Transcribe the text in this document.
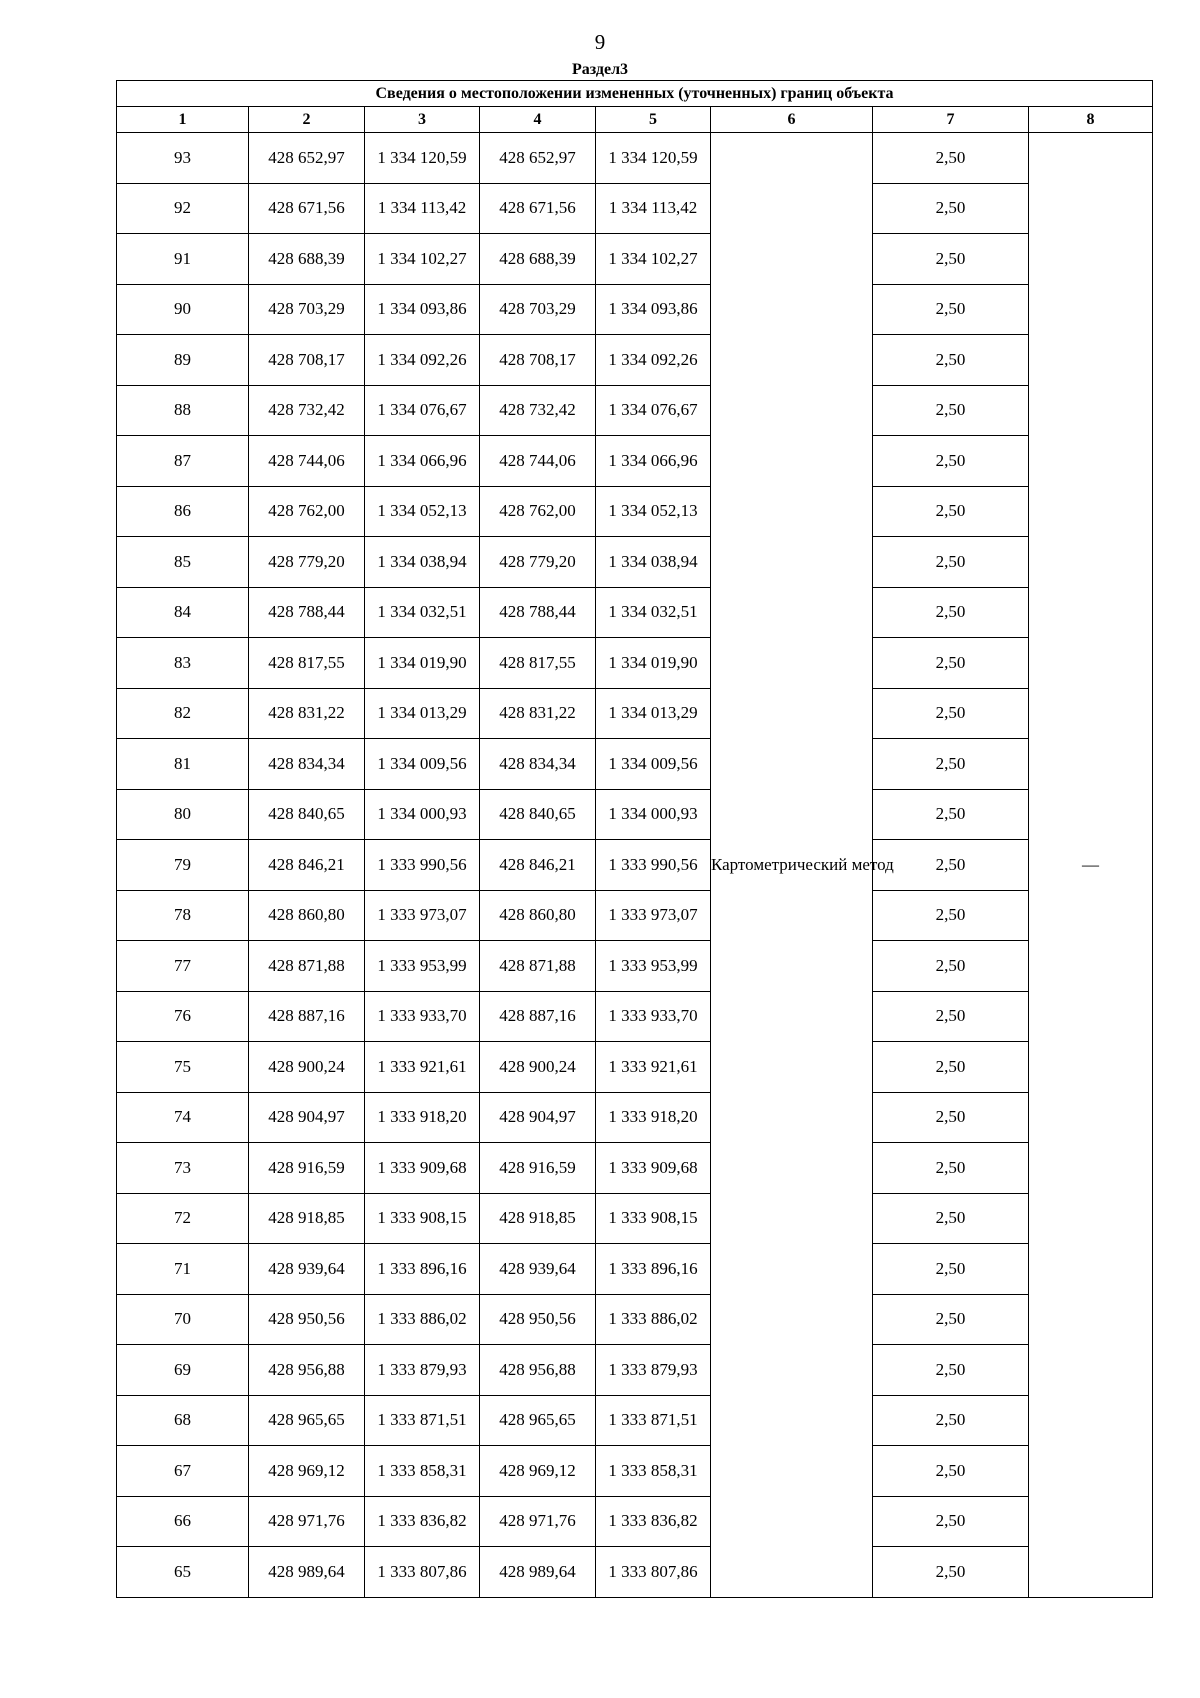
9
Раздел3
Сведения о местоположении измененных (уточненных) границ объекта							
1	2	3	4	5	6	7	8
93	428 652,97	1 334 120,59	428 652,97	1 334 120,59	Картометрический метод	2,50	—
92	428 671,56	1 334 113,42	428 671,56	1 334 113,42		2,50	
91	428 688,39	1 334 102,27	428 688,39	1 334 102,27		2,50	
90	428 703,29	1 334 093,86	428 703,29	1 334 093,86		2,50	
89	428 708,17	1 334 092,26	428 708,17	1 334 092,26		2,50	
88	428 732,42	1 334 076,67	428 732,42	1 334 076,67		2,50	
87	428 744,06	1 334 066,96	428 744,06	1 334 066,96		2,50	
86	428 762,00	1 334 052,13	428 762,00	1 334 052,13		2,50	
85	428 779,20	1 334 038,94	428 779,20	1 334 038,94		2,50	
84	428 788,44	1 334 032,51	428 788,44	1 334 032,51		2,50	
83	428 817,55	1 334 019,90	428 817,55	1 334 019,90		2,50	
82	428 831,22	1 334 013,29	428 831,22	1 334 013,29		2,50	
81	428 834,34	1 334 009,56	428 834,34	1 334 009,56		2,50	
80	428 840,65	1 334 000,93	428 840,65	1 334 000,93		2,50	
79	428 846,21	1 333 990,56	428 846,21	1 333 990,56		2,50	
78	428 860,80	1 333 973,07	428 860,80	1 333 973,07		2,50	
77	428 871,88	1 333 953,99	428 871,88	1 333 953,99		2,50	
76	428 887,16	1 333 933,70	428 887,16	1 333 933,70		2,50	
75	428 900,24	1 333 921,61	428 900,24	1 333 921,61		2,50	
74	428 904,97	1 333 918,20	428 904,97	1 333 918,20		2,50	
73	428 916,59	1 333 909,68	428 916,59	1 333 909,68		2,50	
72	428 918,85	1 333 908,15	428 918,85	1 333 908,15		2,50	
71	428 939,64	1 333 896,16	428 939,64	1 333 896,16		2,50	
70	428 950,56	1 333 886,02	428 950,56	1 333 886,02		2,50	
69	428 956,88	1 333 879,93	428 956,88	1 333 879,93		2,50	
68	428 965,65	1 333 871,51	428 965,65	1 333 871,51		2,50	
67	428 969,12	1 333 858,31	428 969,12	1 333 858,31		2,50	
66	428 971,76	1 333 836,82	428 971,76	1 333 836,82		2,50	
65	428 989,64	1 333 807,86	428 989,64	1 333 807,86		2,50	
